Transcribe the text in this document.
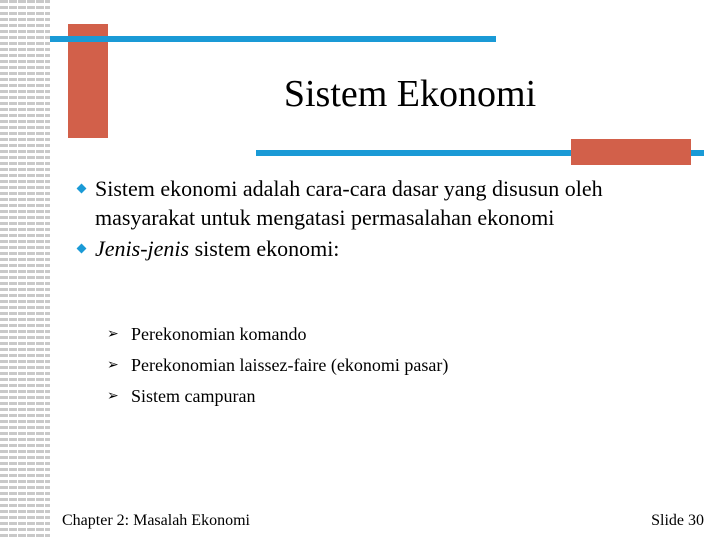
Sistem Ekonomi
Sistem ekonomi adalah cara-cara dasar yang disusun oleh masyarakat untuk mengatasi permasalahan ekonomi
Jenis-jenis sistem ekonomi:
➢ Perekonomian komando
➢ Perekonomian laissez-faire (ekonomi pasar)
➢ Sistem campuran
Chapter 2: Masalah Ekonomi	Slide 30
